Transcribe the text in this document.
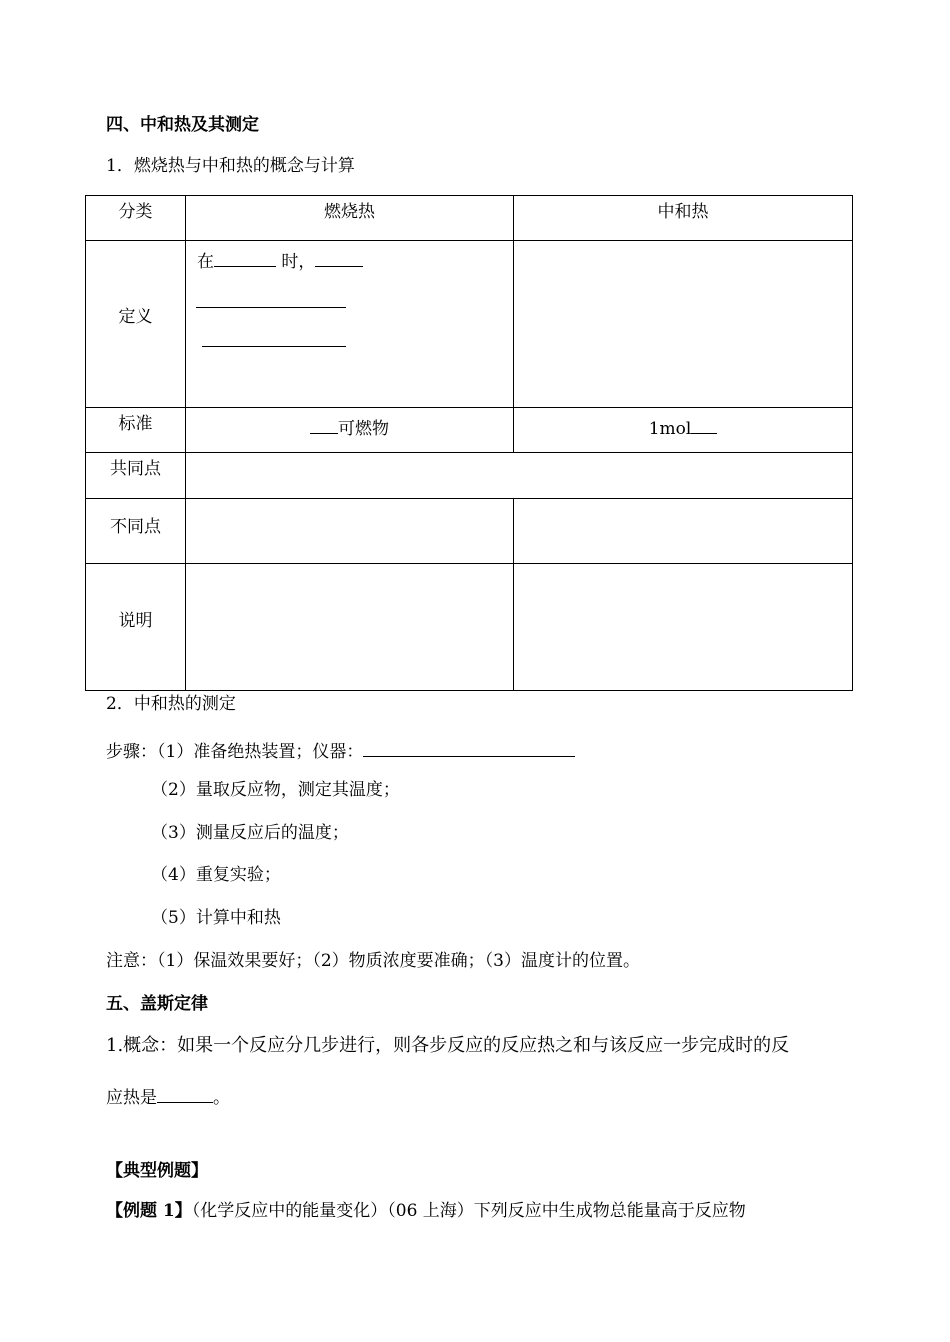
四、中和热及其测定
1．燃烧热与中和热的概念与计算
分类	燃烧热	中和热
定义	在 时，	

标准	可燃物	1mol
共同点		
不同点		
说明		
2．中和热的测定
步骤：（1）准备绝热装置；仪器：
（2）量取反应物，测定其温度；
（3）测量反应后的温度；
（4）重复实验；
（5）计算中和热
注意：（1）保温效果要好；（2）物质浓度要准确；（3）温度计的位置。
五、盖斯定律
1.概念：如果一个反应分几步进行，则各步反应的反应热之和与该反应一步完成时的反
应热是	。
【典型例题】
【例题 1】（化学反应中的能量变化）（06 上海）下列反应中生成物总能量高于反应物
